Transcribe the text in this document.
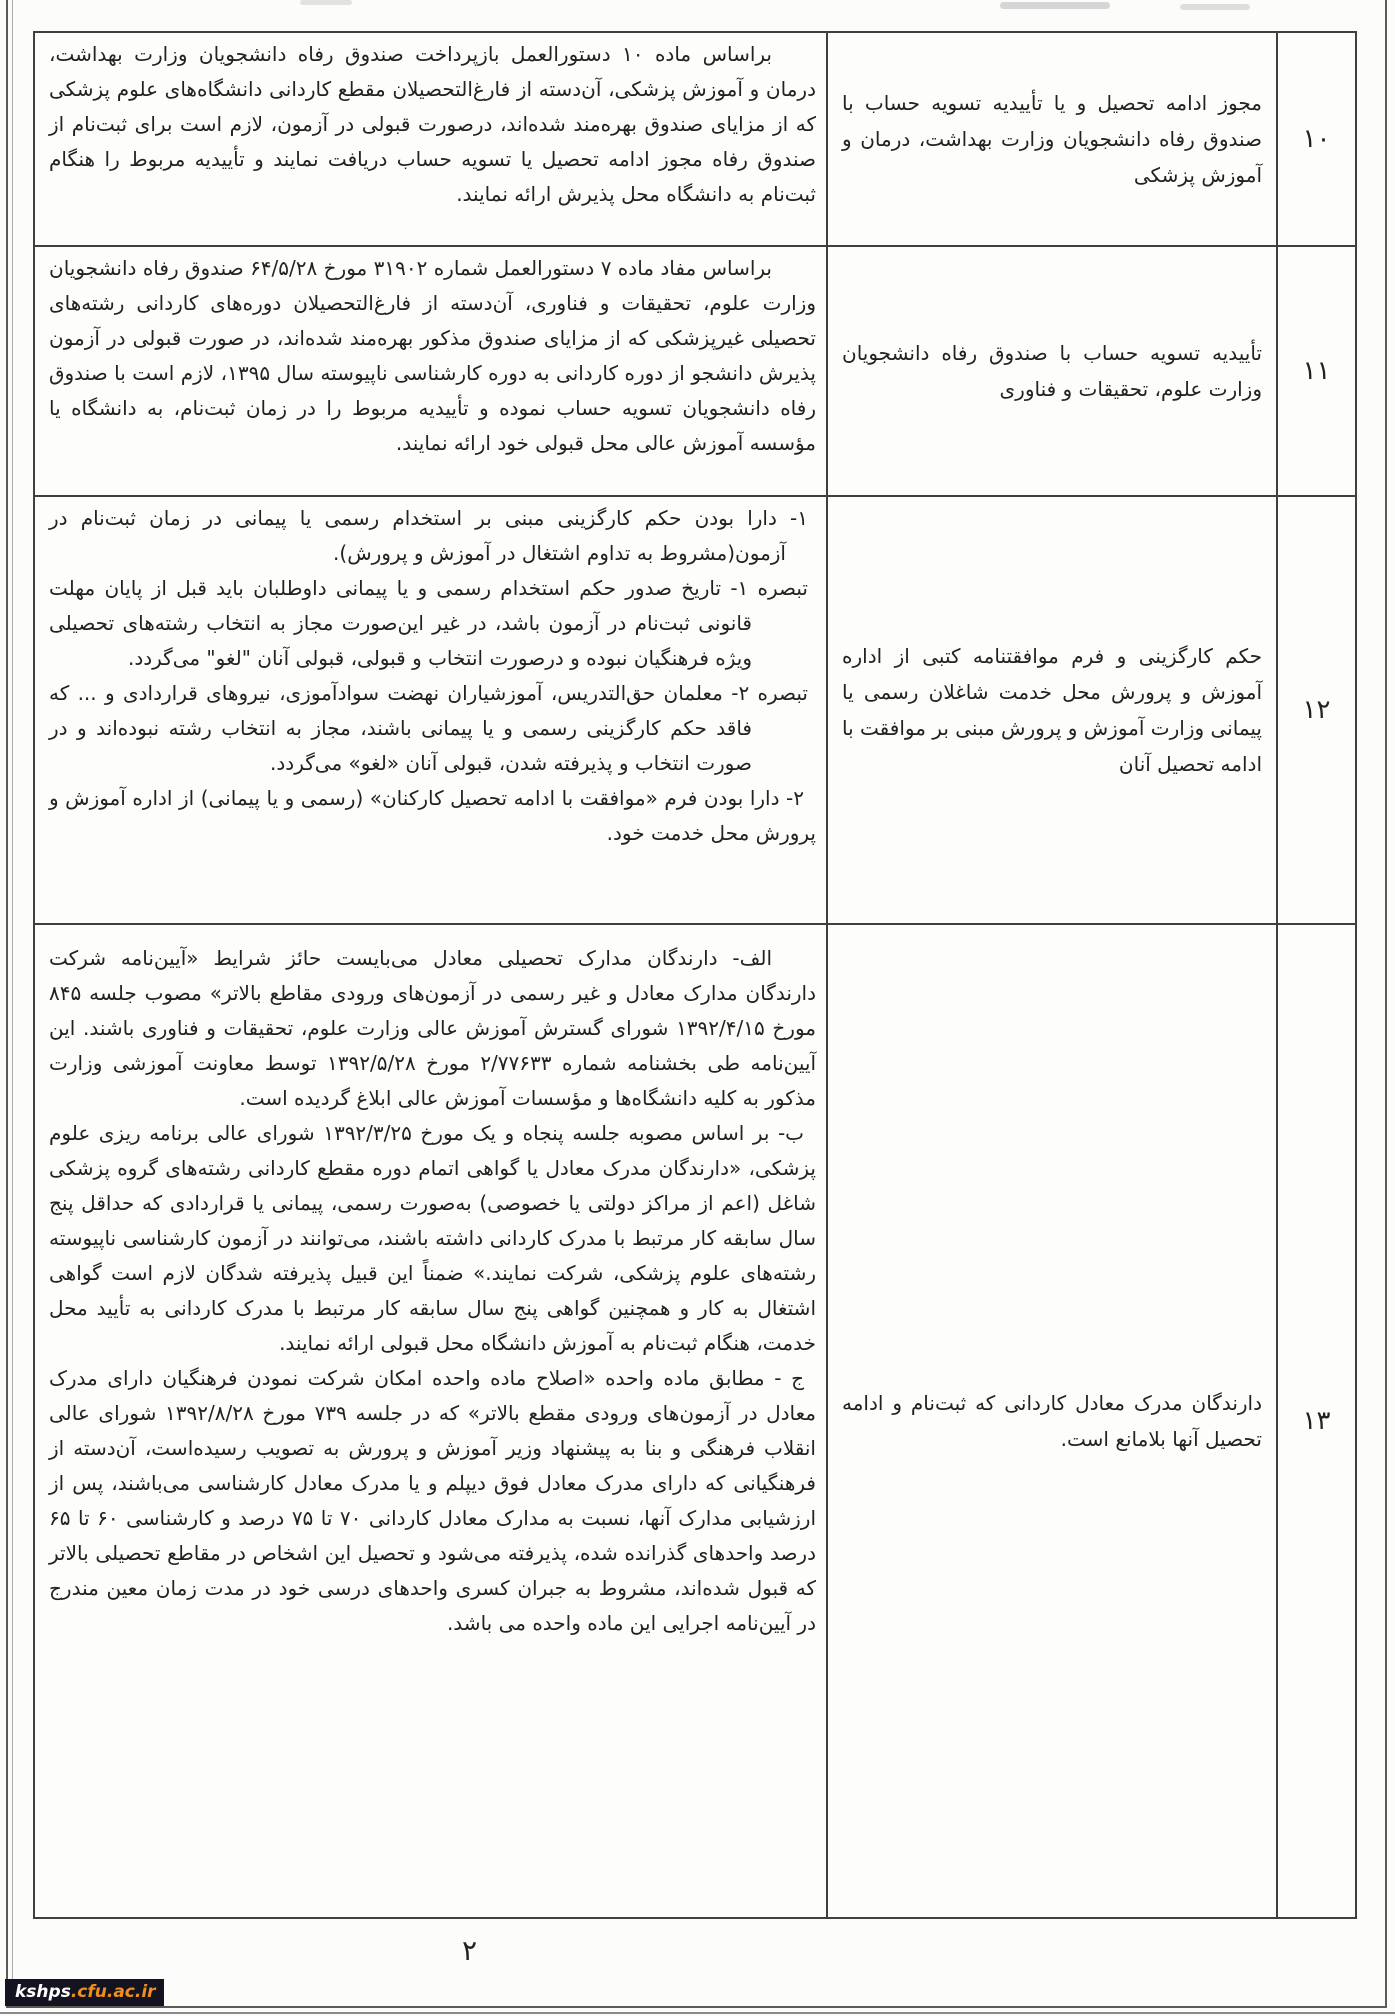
۱۰
مجوز ادامه تحصیل و یا تأییدیه تسویه حساب با صندوق رفاه دانشجویان وزارت بهداشت، درمان و آموزش پزشکی

براساس ماده ۱۰ دستورالعمل بازپرداخت صندوق رفاه دانشجویان وزارت بهداشت، درمان و آموزش پزشکی، آن‌دسته از فارغ‌التحصیلان مقطع کاردانی دانشگاه‌های علوم پزشکی که از مزایای صندوق بهره‌مند شده‌اند، درصورت قبولی در آزمون، لازم است برای ثبت‌نام از صندوق رفاه مجوز ادامه تحصیل یا تسویه حساب دریافت نمایند و تأییدیه مربوط را هنگام ثبت‌نام به دانشگاه محل پذیرش ارائه نمایند.

۱۱
تأییدیه تسویه حساب با صندوق رفاه دانشجویان وزارت علوم، تحقیقات و فناوری

براساس مفاد ماده ۷ دستورالعمل شماره ۳۱۹۰۲ مورخ ۶۴/۵/۲۸ صندوق رفاه دانشجویان وزارت علوم، تحقیقات و فناوری، آن‌دسته از فارغ‌التحصیلان دوره‌های کاردانی رشته‌های تحصیلی غیرپزشکی که از مزایای صندوق مذکور بهره‌مند شده‌اند، در صورت قبولی در آزمون پذیرش دانشجو از دوره کاردانی به دوره کارشناسی ناپیوسته سال ۱۳۹۵، لازم است با صندوق رفاه دانشجویان تسویه حساب نموده و تأییدیه مربوط را در زمان ثبت‌نام، به دانشگاه یا مؤسسه آموزش عالی محل قبولی خود ارائه نمایند.

۱۲
حکم کارگزینی و فرم موافقتنامه کتبی از اداره آموزش و پرورش محل خدمت شاغلان رسمی یا پیمانی وزارت آموزش و پرورش مبنی بر موافقت با ادامه تحصیل آنان

۱- دارا بودن حکم کارگزینی مبنی بر استخدام رسمی یا پیمانی در زمان ثبت‌نام در آزمون(مشروط به تداوم اشتغال در آموزش و پرورش).

تبصره ۱- تاریخ صدور حکم استخدام رسمی و یا پیمانی داوطلبان باید قبل از پایان مهلت قانونی ثبت‌نام در آزمون باشد، در غیر این‌صورت مجاز به انتخاب رشته‌های تحصیلی ویژه فرهنگیان نبوده و درصورت انتخاب و قبولی، قبولی آنان "لغو" می‌گردد.

تبصره ۲- معلمان حق‌التدریس، آموزشیاران نهضت سوادآموزی، نیروهای قراردادی و ... که فاقد حکم کارگزینی رسمی و یا پیمانی باشند، مجاز به انتخاب رشته نبوده‌اند و در صورت انتخاب و پذیرفته شدن، قبولی آنان «لغو» می‌گردد.

۲- دارا بودن فرم «موافقت با ادامه تحصیل کارکنان» (رسمی و یا پیمانی) از اداره آموزش و پرورش محل خدمت خود.

۱۳
دارندگان مدرک معادل کاردانی که ثبت‌نام و ادامه تحصیل آنها بلامانع است.

الف- دارندگان مدارک تحصیلی معادل می‌بایست حائز شرایط «آیین‌نامه شرکت دارندگان مدارک معادل و غیر رسمی در آزمون‌های ورودی مقاطع بالاتر» مصوب جلسه ۸۴۵ مورخ ۱۳۹۲/۴/۱۵ شورای گسترش آموزش عالی وزارت علوم، تحقیقات و فناوری باشند. این آیین‌نامه طی بخشنامه شماره ۲/۷۷۶۳۳ مورخ ۱۳۹۲/۵/۲۸ توسط معاونت آموزشی وزارت مذکور به کلیه دانشگاه‌ها و مؤسسات آموزش عالی ابلاغ گردیده است.

ب- بر اساس مصوبه جلسه پنجاه و یک مورخ ۱۳۹۲/۳/۲۵ شورای عالی برنامه ریزی علوم پزشکی، «دارندگان مدرک معادل یا گواهی اتمام دوره مقطع کاردانی رشته‌های گروه پزشکی شاغل (اعم از مراکز دولتی یا خصوصی) به‌صورت رسمی، پیمانی یا قراردادی که حداقل پنج سال سابقه کار مرتبط با مدرک کاردانی داشته باشند، می‌توانند در آزمون کارشناسی ناپیوسته رشته‌های علوم پزشکی، شرکت نمایند.» ضمناً این قبیل پذیرفته شدگان لازم است گواهی اشتغال به کار و همچنین گواهی پنج سال سابقه کار مرتبط با مدرک کاردانی به تأیید محل خدمت، هنگام ثبت‌نام به آموزش دانشگاه محل قبولی ارائه نمایند.

ج - مطابق ماده واحده «اصلاح ماده واحده امکان شرکت نمودن فرهنگیان دارای مدرک معادل در آزمون‌های ورودی مقطع بالاتر» که در جلسه ۷۳۹ مورخ ۱۳۹۲/۸/۲۸ شورای عالی انقلاب فرهنگی و بنا به پیشنهاد وزیر آموزش و پرورش به تصویب رسیده‌است، آن‌دسته از فرهنگیانی که دارای مدرک معادل فوق دیپلم و یا مدرک معادل کارشناسی می‌باشند، پس از ارزشیابی مدارک آنها، نسبت به مدارک معادل کاردانی ۷۰ تا ۷۵ درصد و کارشناسی ۶۰ تا ۶۵ درصد واحدهای گذرانده شده، پذیرفته می‌شود و تحصیل این اشخاص در مقاطع تحصیلی بالاتر که قبول شده‌اند، مشروط به جبران کسری واحدهای درسی خود در مدت زمان معین مندرج در آیین‌نامه اجرایی این ماده واحده می باشد.

۲
kshps.cfu.ac.ir
